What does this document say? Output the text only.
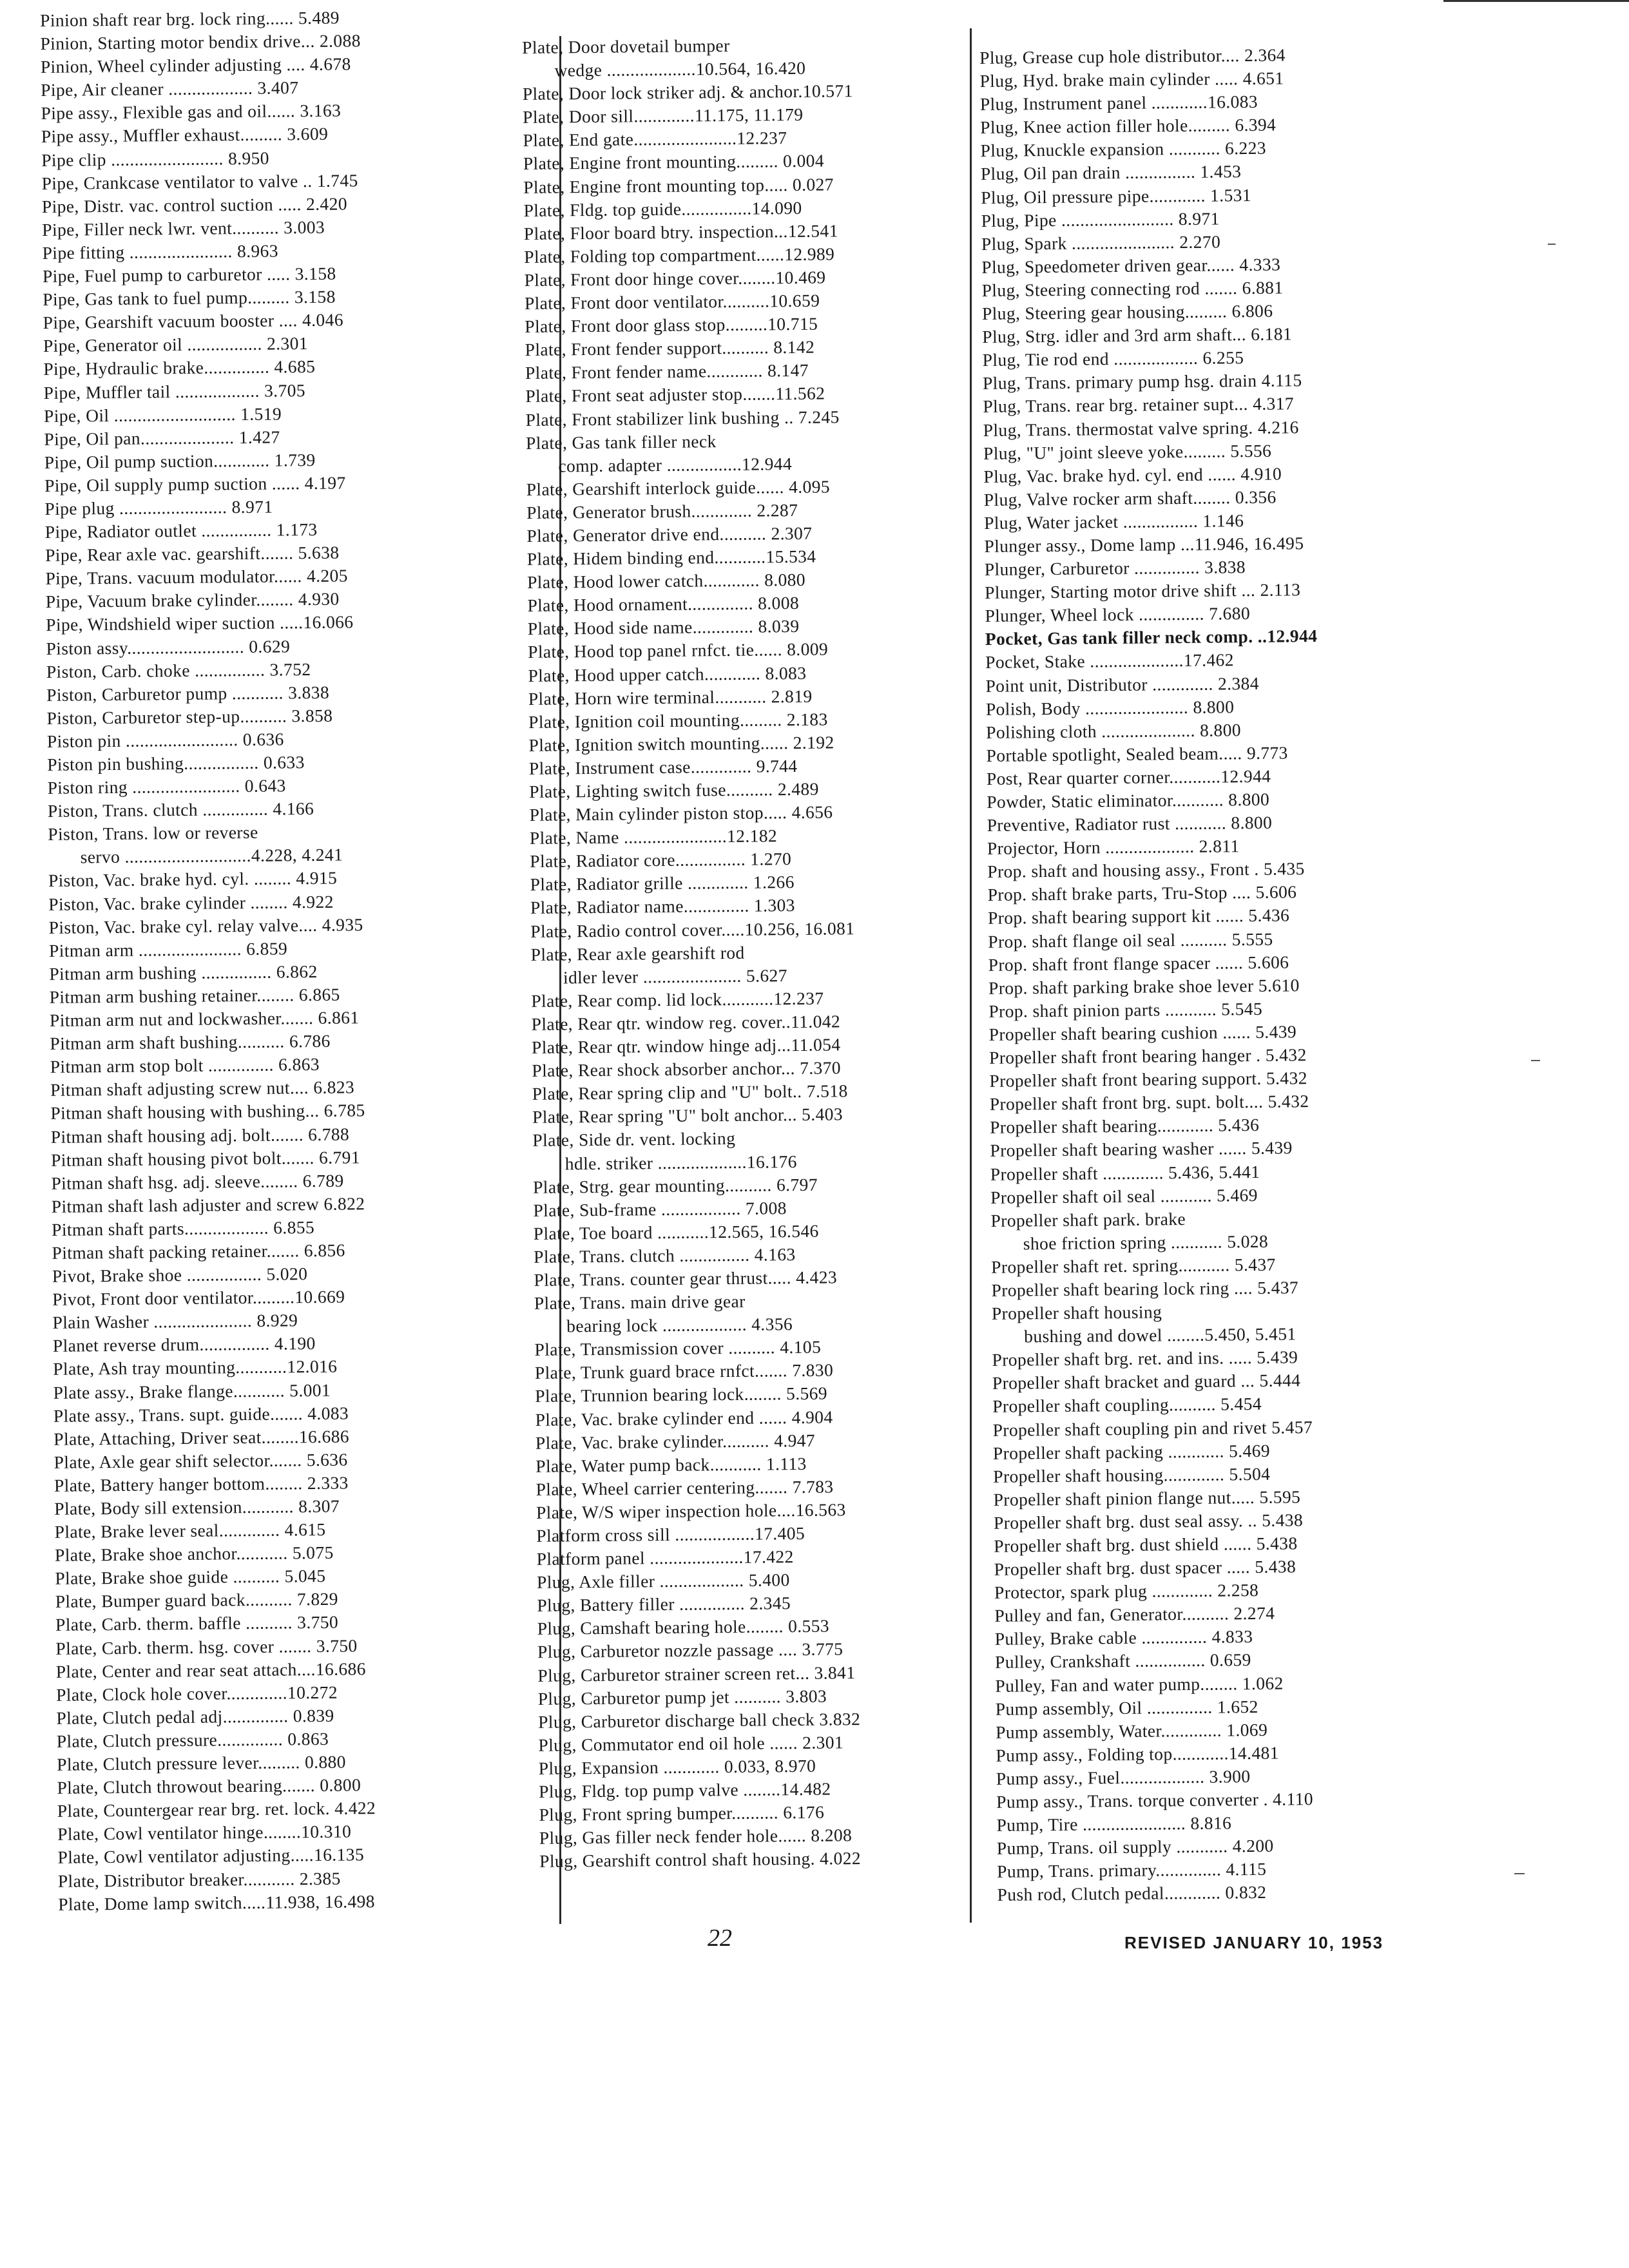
Pinion shaft rear brg. lock ring...... 5.489
Pinion, Starting motor bendix drive... 2.088
Pinion, Wheel cylinder adjusting .... 4.678
Pipe, Air cleaner .................. 3.407
Pipe assy., Flexible gas and oil...... 3.163
Pipe assy., Muffler exhaust......... 3.609
Pipe clip ........................ 8.950
Pipe, Crankcase ventilator to valve .. 1.745
Pipe, Distr. vac. control suction ..... 2.420
Pipe, Filler neck lwr. vent.......... 3.003
Pipe fitting ...................... 8.963
Pipe, Fuel pump to carburetor ..... 3.158
Pipe, Gas tank to fuel pump......... 3.158
Pipe, Gearshift vacuum booster .... 4.046
Pipe, Generator oil ................ 2.301
Pipe, Hydraulic brake.............. 4.685
Pipe, Muffler tail .................. 3.705
Pipe, Oil .......................... 1.519
Pipe, Oil pan.................... 1.427
Pipe, Oil pump suction............ 1.739
Pipe, Oil supply pump suction ...... 4.197
Pipe plug ....................... 8.971
Pipe, Radiator outlet ............... 1.173
Pipe, Rear axle vac. gearshift....... 5.638
Pipe, Trans. vacuum modulator...... 4.205
Pipe, Vacuum brake cylinder........ 4.930
Pipe, Windshield wiper suction .....16.066
Piston assy......................... 0.629
Piston, Carb. choke ............... 3.752
Piston, Carburetor pump ........... 3.838
Piston, Carburetor step-up.......... 3.858
Piston pin ........................ 0.636
Piston pin bushing................ 0.633
Piston ring ....................... 0.643
Piston, Trans. clutch .............. 4.166
Piston, Trans. low or reverse
servo ...........................4.228, 4.241
Piston, Vac. brake hyd. cyl. ........ 4.915
Piston, Vac. brake cylinder ........ 4.922
Piston, Vac. brake cyl. relay valve.... 4.935
Pitman arm ...................... 6.859
Pitman arm bushing ............... 6.862
Pitman arm bushing retainer........ 6.865
Pitman arm nut and lockwasher....... 6.861
Pitman arm shaft bushing.......... 6.786
Pitman arm stop bolt .............. 6.863
Pitman shaft adjusting screw nut.... 6.823
Pitman shaft housing with bushing... 6.785
Pitman shaft housing adj. bolt....... 6.788
Pitman shaft housing pivot bolt....... 6.791
Pitman shaft hsg. adj. sleeve........ 6.789
Pitman shaft lash adjuster and screw 6.822
Pitman shaft parts.................. 6.855
Pitman shaft packing retainer....... 6.856
Pivot, Brake shoe ................ 5.020
Pivot, Front door ventilator.........10.669
Plain Washer ..................... 8.929
Planet reverse drum............... 4.190
Plate, Ash tray mounting...........12.016
Plate assy., Brake flange........... 5.001
Plate assy., Trans. supt. guide....... 4.083
Plate, Attaching, Driver seat........16.686
Plate, Axle gear shift selector....... 5.636
Plate, Battery hanger bottom........ 2.333
Plate, Body sill extension........... 8.307
Plate, Brake lever seal............. 4.615
Plate, Brake shoe anchor........... 5.075
Plate, Brake shoe guide .......... 5.045
Plate, Bumper guard back.......... 7.829
Plate, Carb. therm. baffle .......... 3.750
Plate, Carb. therm. hsg. cover ....... 3.750
Plate, Center and rear seat attach....16.686
Plate, Clock hole cover.............10.272
Plate, Clutch pedal adj.............. 0.839
Plate, Clutch pressure.............. 0.863
Plate, Clutch pressure lever......... 0.880
Plate, Clutch throwout bearing....... 0.800
Plate, Countergear rear brg. ret. lock. 4.422
Plate, Cowl ventilator hinge........10.310
Plate, Cowl ventilator adjusting.....16.135
Plate, Distributor breaker........... 2.385
Plate, Dome lamp switch.....11.938, 16.498
Plate, Door dovetail bumper
wedge ...................10.564, 16.420
Plate, Door lock striker adj. & anchor.10.571
Plate, Door sill.............11.175, 11.179
Plate, End gate......................12.237
Plate, Engine front mounting......... 0.004
Plate, Engine front mounting top..... 0.027
Plate, Fldg. top guide...............14.090
Plate, Floor board btry. inspection...12.541
Plate, Folding top compartment......12.989
Plate, Front door hinge cover........10.469
Plate, Front door ventilator..........10.659
Plate, Front door glass stop.........10.715
Plate, Front fender support.......... 8.142
Plate, Front fender name............ 8.147
Plate, Front seat adjuster stop.......11.562
Plate, Front stabilizer link bushing .. 7.245
Plate, Gas tank filler neck
comp. adapter ................12.944
Plate, Gearshift interlock guide...... 4.095
Plate, Generator brush............. 2.287
Plate, Generator drive end.......... 2.307
Plate, Hidem binding end...........15.534
Plate, Hood lower catch............ 8.080
Plate, Hood ornament.............. 8.008
Plate, Hood side name............. 8.039
Plate, Hood top panel rnfct. tie...... 8.009
Plate, Hood upper catch............ 8.083
Plate, Horn wire terminal........... 2.819
Plate, Ignition coil mounting......... 2.183
Plate, Ignition switch mounting...... 2.192
Plate, Instrument case............. 9.744
Plate, Lighting switch fuse.......... 2.489
Plate, Main cylinder piston stop..... 4.656
Plate, Name ......................12.182
Plate, Radiator core............... 1.270
Plate, Radiator grille ............. 1.266
Plate, Radiator name.............. 1.303
Plate, Radio control cover.....10.256, 16.081
Plate, Rear axle gearshift rod
idler lever ..................... 5.627
Plate, Rear comp. lid lock...........12.237
Plate, Rear qtr. window reg. cover..11.042
Plate, Rear qtr. window hinge adj...11.054
Plate, Rear shock absorber anchor... 7.370
Plate, Rear spring clip and "U" bolt.. 7.518
Plate, Rear spring "U" bolt anchor... 5.403
Plate, Side dr. vent. locking
hdle. striker ...................16.176
Plate, Strg. gear mounting.......... 6.797
Plate, Sub-frame ................. 7.008
Plate, Toe board ...........12.565, 16.546
Plate, Trans. clutch ............... 4.163
Plate, Trans. counter gear thrust..... 4.423
Plate, Trans. main drive gear
bearing lock .................. 4.356
Plate, Transmission cover .......... 4.105
Plate, Trunk guard brace rnfct....... 7.830
Plate, Trunnion bearing lock........ 5.569
Plate, Vac. brake cylinder end ...... 4.904
Plate, Vac. brake cylinder.......... 4.947
Plate, Water pump back........... 1.113
Plate, Wheel carrier centering....... 7.783
Plate, W/S wiper inspection hole....16.563
Platform cross sill .................17.405
Platform panel ....................17.422
Plug, Axle filler .................. 5.400
Plug, Battery filler .............. 2.345
Plug, Camshaft bearing hole........ 0.553
Plug, Carburetor nozzle passage .... 3.775
Plug, Carburetor strainer screen ret... 3.841
Plug, Carburetor pump jet .......... 3.803
Plug, Carburetor discharge ball check 3.832
Plug, Commutator end oil hole ...... 2.301
Plug, Expansion ............ 0.033, 8.970
Plug, Fldg. top pump valve ........14.482
Plug, Front spring bumper.......... 6.176
Plug, Gas filler neck fender hole...... 8.208
Plug, Gearshift control shaft housing. 4.022
Plug, Grease cup hole distributor.... 2.364
Plug, Hyd. brake main cylinder ..... 4.651
Plug, Instrument panel ............16.083
Plug, Knee action filler hole......... 6.394
Plug, Knuckle expansion ........... 6.223
Plug, Oil pan drain ............... 1.453
Plug, Oil pressure pipe............ 1.531
Plug, Pipe ........................ 8.971
Plug, Spark ...................... 2.270
Plug, Speedometer driven gear...... 4.333
Plug, Steering connecting rod ....... 6.881
Plug, Steering gear housing......... 6.806
Plug, Strg. idler and 3rd arm shaft... 6.181
Plug, Tie rod end .................. 6.255
Plug, Trans. primary pump hsg. drain 4.115
Plug, Trans. rear brg. retainer supt... 4.317
Plug, Trans. thermostat valve spring. 4.216
Plug, "U" joint sleeve yoke......... 5.556
Plug, Vac. brake hyd. cyl. end ...... 4.910
Plug, Valve rocker arm shaft........ 0.356
Plug, Water jacket ................ 1.146
Plunger assy., Dome lamp ...11.946, 16.495
Plunger, Carburetor .............. 3.838
Plunger, Starting motor drive shift ... 2.113
Plunger, Wheel lock .............. 7.680
Pocket, Gas tank filler neck comp. ..12.944
Pocket, Stake ....................17.462
Point unit, Distributor ............. 2.384
Polish, Body ...................... 8.800
Polishing cloth .................... 8.800
Portable spotlight, Sealed beam..... 9.773
Post, Rear quarter corner...........12.944
Powder, Static eliminator........... 8.800
Preventive, Radiator rust ........... 8.800
Projector, Horn ................... 2.811
Prop. shaft and housing assy., Front . 5.435
Prop. shaft brake parts, Tru-Stop .... 5.606
Prop. shaft bearing support kit ...... 5.436
Prop. shaft flange oil seal .......... 5.555
Prop. shaft front flange spacer ...... 5.606
Prop. shaft parking brake shoe lever 5.610
Prop. shaft pinion parts ........... 5.545
Propeller shaft bearing cushion ...... 5.439
Propeller shaft front bearing hanger . 5.432
Propeller shaft front bearing support. 5.432
Propeller shaft front brg. supt. bolt.... 5.432
Propeller shaft bearing............ 5.436
Propeller shaft bearing washer ...... 5.439
Propeller shaft ............. 5.436, 5.441
Propeller shaft oil seal ........... 5.469
Propeller shaft park. brake
shoe friction spring ........... 5.028
Propeller shaft ret. spring........... 5.437
Propeller shaft bearing lock ring .... 5.437
Propeller shaft housing
bushing and dowel ........5.450, 5.451
Propeller shaft brg. ret. and ins. ..... 5.439
Propeller shaft bracket and guard ... 5.444
Propeller shaft coupling.......... 5.454
Propeller shaft coupling pin and rivet 5.457
Propeller shaft packing ............ 5.469
Propeller shaft housing............. 5.504
Propeller shaft pinion flange nut..... 5.595
Propeller shaft brg. dust seal assy. .. 5.438
Propeller shaft brg. dust shield ...... 5.438
Propeller shaft brg. dust spacer ..... 5.438
Protector, spark plug ............. 2.258
Pulley and fan, Generator.......... 2.274
Pulley, Brake cable .............. 4.833
Pulley, Crankshaft ............... 0.659
Pulley, Fan and water pump........ 1.062
Pump assembly, Oil .............. 1.652
Pump assembly, Water............. 1.069
Pump assy., Folding top............14.481
Pump assy., Fuel.................. 3.900
Pump assy., Trans. torque converter . 4.110
Pump, Tire ...................... 8.816
Pump, Trans. oil supply ........... 4.200
Pump, Trans. primary.............. 4.115
Push rod, Clutch pedal............ 0.832
22	REVISED JANUARY 10, 1953
